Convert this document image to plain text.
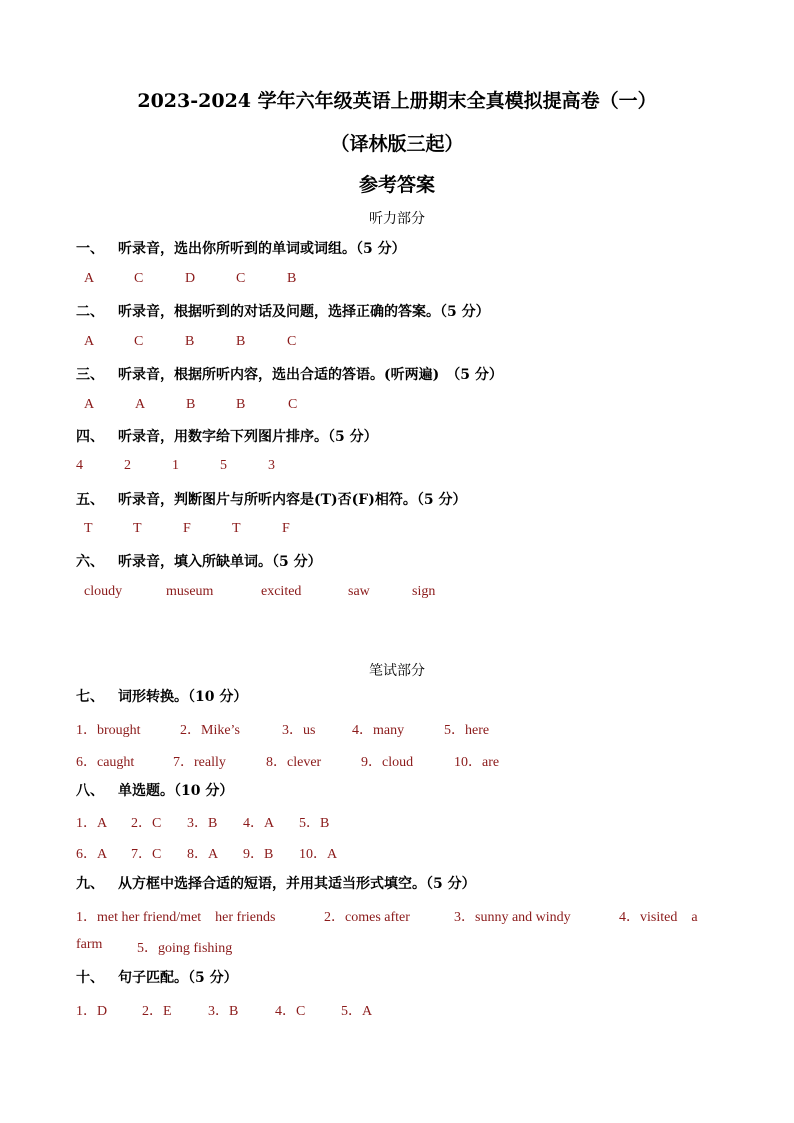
2023-2024 学年六年级英语上册期末全真模拟提高卷（一）
（译林版三起）
参考答案
听力部分
一、 听录音，选出你所听到的单词或词组。（5 分）
A	C	D	C	B
二、 听录音，根据听到的对话及问题，选择正确的答案。（5 分）
A	C	B	B	C
三、 听录音，根据所听内容，选出合适的答语。(听两遍)　（5 分）
A	A	B	B	C
四、 听录音，用数字给下列图片排序。（5 分）
4	2	1	5	3
五、 听录音，判断图片与所听内容是(T)否(F)相符。（5 分）
T	T	F	T	F
六、 听录音，填入所缺单词。（5 分）
cloudy	museum	excited	saw	sign
笔试部分
七、 词形转换。（10 分）
1．brought	2．Mike’s	3．us	4．many	5．here
6．caught	7．really	8．clever	9．cloud	10．are
八、 单选题。（10 分）
1．A 2．C 3．B 4．A 5．B
6．A 7．C 8．A 9．B 10．A
九、 从方框中选择合适的短语，并用其适当形式填空。（5 分）
1．met her friend/met　her friends	2．comes after	3．sunny and windy	4．visited　a
farm 5．going fishing
十、 句子匹配。（5 分）
1．D 2．E	3．B	4．C	5．A
